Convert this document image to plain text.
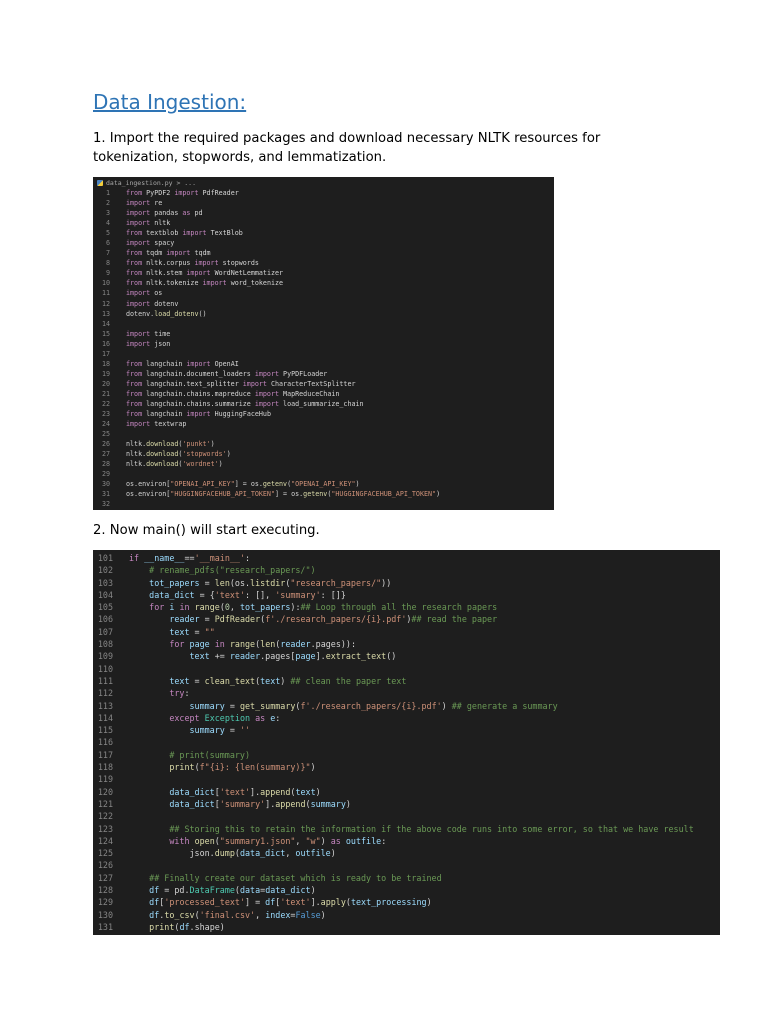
Data Ingestion:

1. Import the required packages and download necessary NLTK resources for tokenization, stopwords, and lemmatization.

data_ingestion.py > ...
1	from PyPDF2 import PdfReader
2	import re
3	import pandas as pd
4	import nltk
5	from textblob import TextBlob
6	import spacy
7	from tqdm import tqdm
8	from nltk.corpus import stopwords
9	from nltk.stem import WordNetLemmatizer
10	from nltk.tokenize import word_tokenize
11	import os
12	import dotenv
13	dotenv.load_dotenv()
14
15	import time
16	import json
17
18	from langchain import OpenAI
19	from langchain.document_loaders import PyPDFLoader
20	from langchain.text_splitter import CharacterTextSplitter
21	from langchain.chains.mapreduce import MapReduceChain
22	from langchain.chains.summarize import load_summarize_chain
23	from langchain import HuggingFaceHub
24	import textwrap
25
26	nltk.download('punkt')
27	nltk.download('stopwords')
28	nltk.download('wordnet')
29
30	os.environ["OPENAI_API_KEY"] = os.getenv("OPENAI_API_KEY")
31	os.environ["HUGGINGFACEHUB_API_TOKEN"] = os.getenv("HUGGINGFACEHUB_API_TOKEN")
32

2. Now main() will start executing.

101	if __name__=='__main__':
102	# rename_pdfs("research_papers/")
103	tot_papers = len(os.listdir("research_papers/"))
104	data_dict = {'text': [], 'summary': []}
105	for i in range(0, tot_papers):## Loop through all the research papers
106	reader = PdfReader(f'./research_papers/{i}.pdf')## read the paper
107	text = ""
108	for page in range(len(reader.pages)):
109	text += reader.pages[page].extract_text()
110
111	text = clean_text(text) ## clean the paper text
112	try:
113	summary = get_summary(f'./research_papers/{i}.pdf') ## generate a summary
114	except Exception as e:
115	summary = ''
116
117	# print(summary)
118	print(f"{i}: {len(summary)}")
119
120	data_dict['text'].append(text)
121	data_dict['summary'].append(summary)
122
123	## Storing this to retain the information if the above code runs into some error, so that we have result
124	with open("summary1.json", "w") as outfile:
125	json.dump(data_dict, outfile)
126
127	## Finally create our dataset which is ready to be trained
128	df = pd.DataFrame(data=data_dict)
129	df['processed_text'] = df['text'].apply(text_processing)
130	df.to_csv('final.csv', index=False)
131	print(df.shape)
